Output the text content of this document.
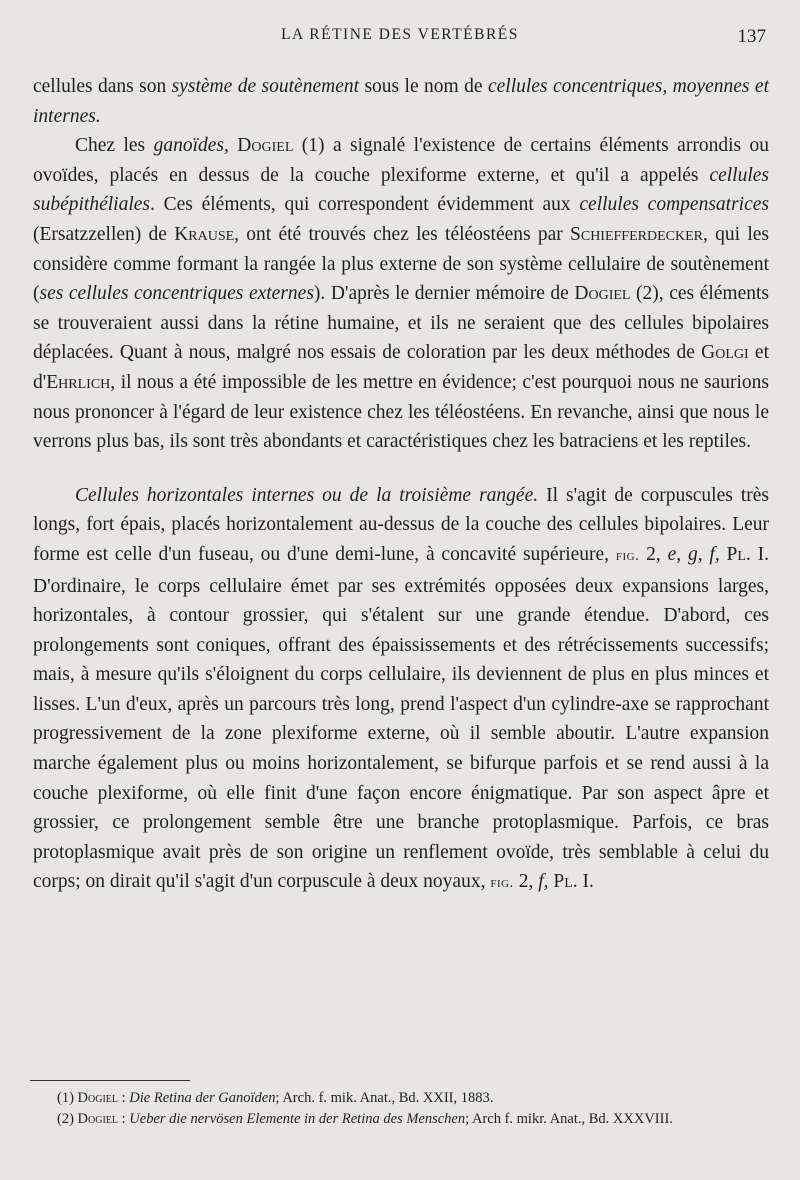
LA RÉTINE DES VERTÉBRÉS	137

cellules dans son système de soutènement sous le nom de cellules concentriques, moyennes et internes.

Chez les ganoïdes, Dogiel (1) a signalé l'existence de certains éléments arrondis ou ovoïdes, placés en dessus de la couche plexiforme externe, et qu'il a appelés cellules subépithéliales. Ces éléments, qui correspondent évidemment aux cellules compensatrices (Ersatzzellen) de Krause, ont été trouvés chez les téléostéens par Schiefferdecker, qui les considère comme formant la rangée la plus externe de son système cellulaire de soutènement (ses cellules concentriques externes). D'après le dernier mémoire de Dogiel (2), ces éléments se trouveraient aussi dans la rétine humaine, et ils ne seraient que des cellules bipolaires déplacées. Quant à nous, malgré nos essais de coloration par les deux méthodes de Golgi et d'Ehrlich, il nous a été impossible de les mettre en évidence; c'est pourquoi nous ne saurions nous prononcer à l'égard de leur existence chez les téléostéens. En revanche, ainsi que nous le verrons plus bas, ils sont très abondants et caractéristiques chez les batraciens et les reptiles.

Cellules horizontales internes ou de la troisième rangée. Il s'agit de corpuscules très longs, fort épais, placés horizontalement au-dessus de la couche des cellules bipolaires. Leur forme est celle d'un fuseau, ou d'une demi-lune, à concavité supérieure, fig. 2, e, g, f, Pl. I. D'ordinaire, le corps cellulaire émet par ses extrémités opposées deux expansions larges, horizontales, à contour grossier, qui s'étalent sur une grande étendue. D'abord, ces prolongements sont coniques, offrant des épaississements et des rétrécissements successifs; mais, à mesure qu'ils s'éloignent du corps cellulaire, ils deviennent de plus en plus minces et lisses. L'un d'eux, après un parcours très long, prend l'aspect d'un cylindre-axe se rapprochant progressivement de la zone plexiforme externe, où il semble aboutir. L'autre expansion marche également plus ou moins horizontalement, se bifurque parfois et se rend aussi à la couche plexiforme, où elle finit d'une façon encore énigmatique. Par son aspect âpre et grossier, ce prolongement semble être une branche protoplasmique. Parfois, ce bras protoplasmique avait près de son origine un renflement ovoïde, très semblable à celui du corps; on dirait qu'il s'agit d'un corpuscule à deux noyaux, fig. 2, f, Pl. I.

(1) Dogiel : Die Retina der Ganoïden; Arch. f. mik. Anat., Bd. XXII, 1883.

(2) Dogiel : Ueber die nervösen Elemente in der Retina des Menschen; Arch f. mikr. Anat., Bd. XXXVIII.
